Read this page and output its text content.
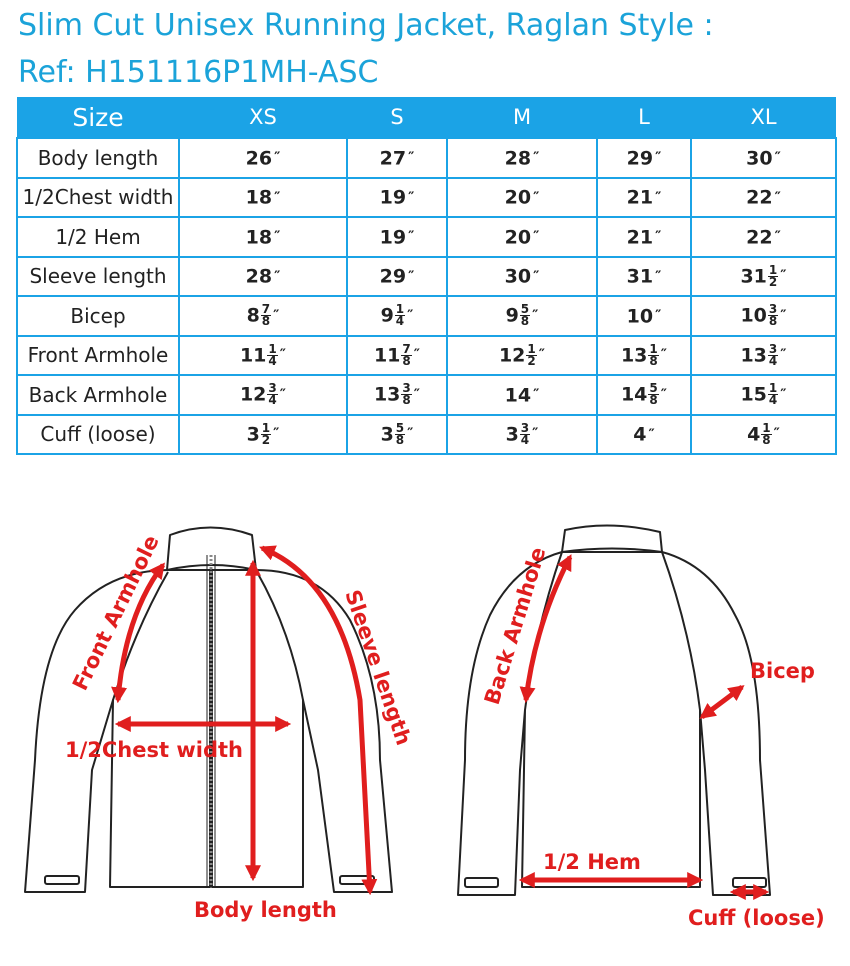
Slim Cut Unisex Running Jacket, Raglan Style :
Ref: H151116P1MH-ASC
Size	XS	S	M	L	XL
Body length	26 ″	27 ″	28 ″	29 ″	30 ″
1/2Chest width	18 ″	19 ″	20 ″	21 ″	22 ″
1/2 Hem	18 ″	19 ″	20 ″	21 ″	22 ″
Sleeve length	28 ″	29 ″	30 ″	31 ″	$31 \frac{1}{2}$ ″
Bicep	$8 \frac{7}{8}$ ″	$9 \frac{1}{4}$ ″	$9 \frac{5}{8}$ ″	10 ″	$10 \frac{3}{8}$ ″
Front Armhole	$11 \frac{1}{4}$ ″	$11 \frac{7}{8}$ ″	$12 \frac{1}{2}$ ″	$13 \frac{1}{8}$ ″	$13 \frac{3}{4}$ ″
Back Armhole	$12 \frac{3}{4}$ ″	$13 \frac{3}{8}$ ″	14 ″	$14 \frac{5}{8}$ ″	$15 \frac{1}{4}$ ″
Cuff (loose)	$3 \frac{1}{2}$ ″	$3 \frac{5}{8}$ ″	$3 \frac{3}{4}$ ″	4 ″	$4 \frac{1}{8}$ ″
Front Armhole
1/2Chest width
Sleeve length
Body length
Back Armhole	Bicep
1/2 Hem
Cuff (loose)
